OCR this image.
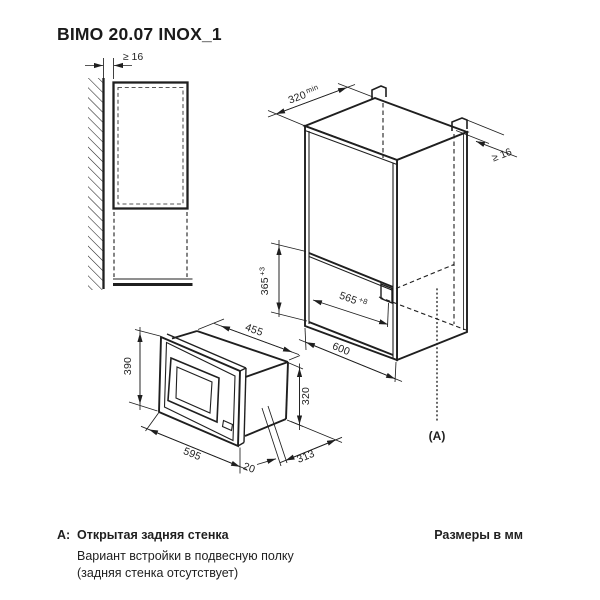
BIMO 20.07 INOX_1
≥ 16
(A)
$320^{min}$
≥ 16
$365^{+3}$
$565^{+8}$
600
455
390
320
595
20
313
А: Открытая задняя стенка
Вариант встройки в подвесную полку
(задняя стенка отсутствует)
Размеры в мм
